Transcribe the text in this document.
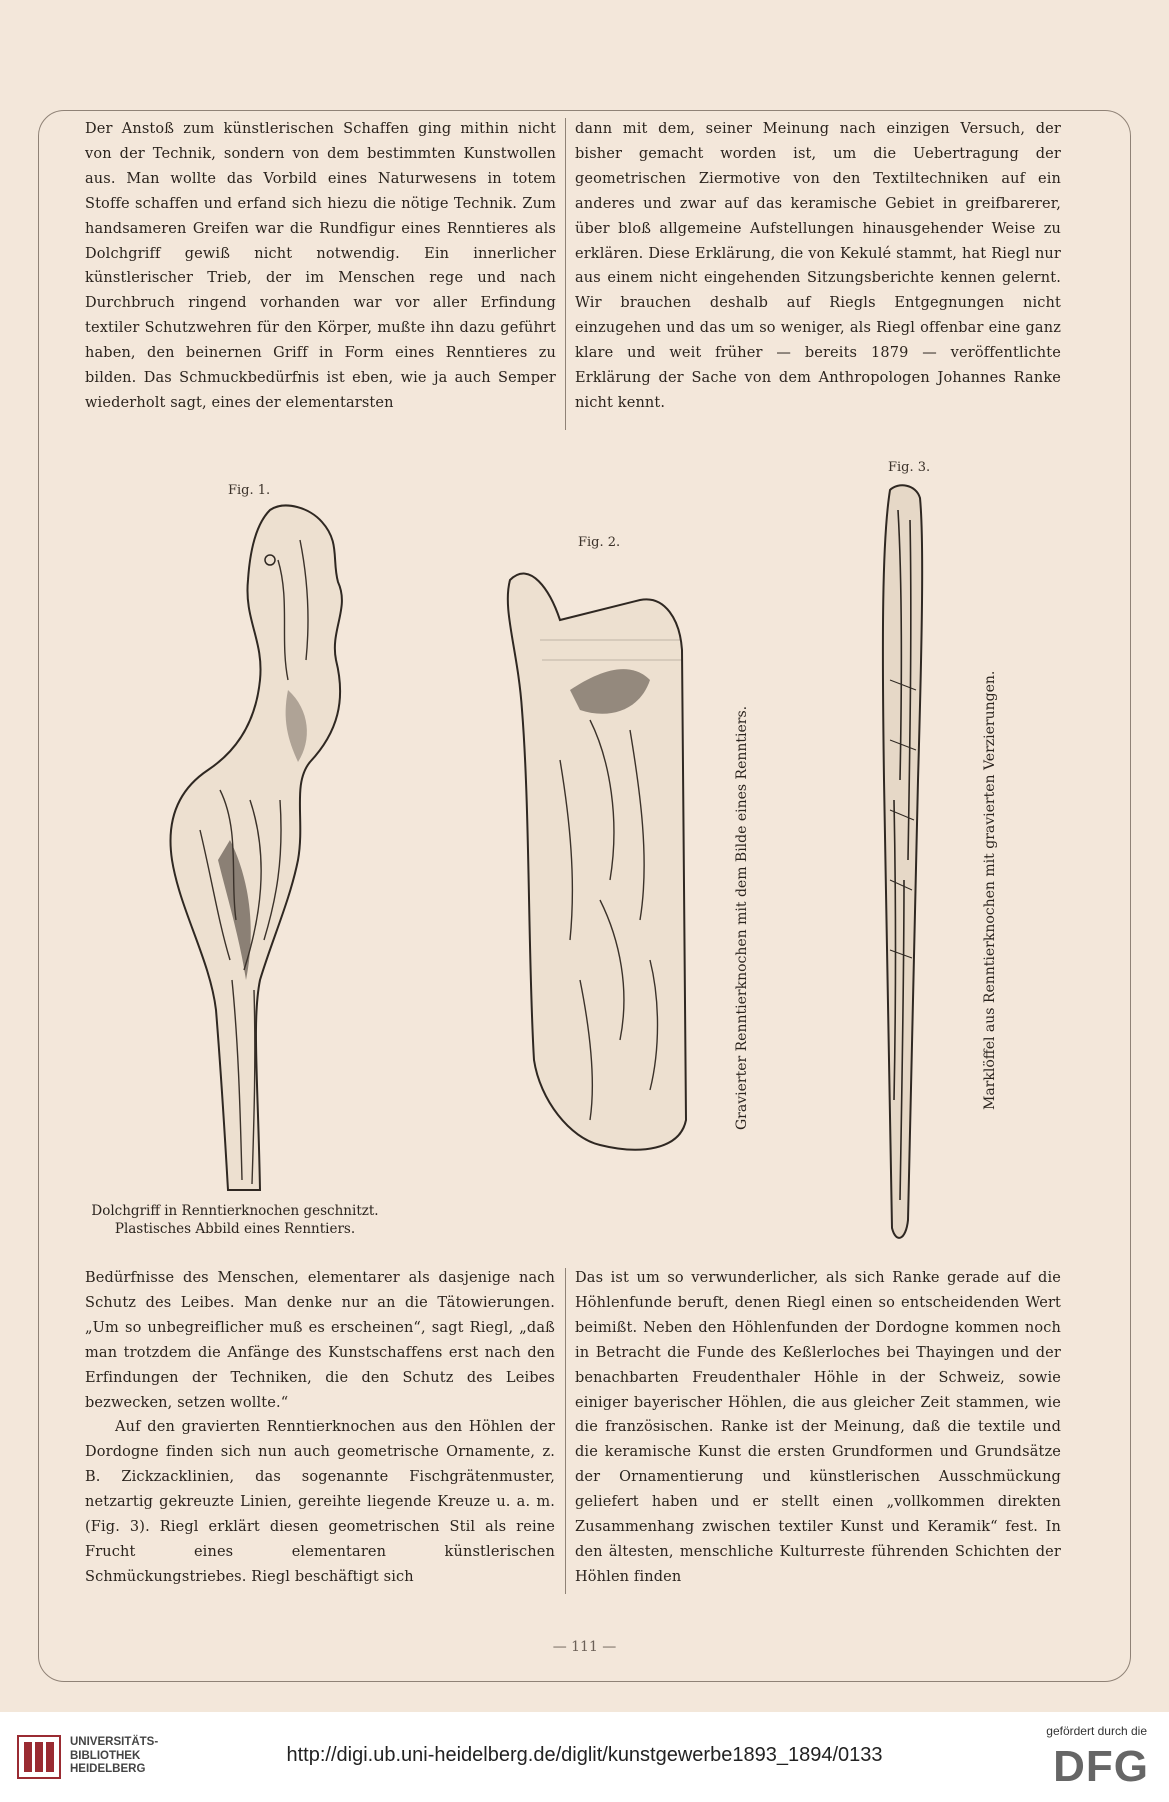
Der Anstoß zum künstlerischen Schaffen ging mithin nicht von der Technik, sondern von dem bestimmten Kunstwollen aus. Man wollte das Vorbild eines Naturwesens in totem Stoffe schaffen und erfand sich hiezu die nötige Technik. Zum handsameren Greifen war die Rundfigur eines Renntieres als Dolchgriff gewiß nicht notwendig. Ein innerlicher künstlerischer Trieb, der im Menschen rege und nach Durchbruch ringend vorhanden war vor aller Erfindung textiler Schutzwehren für den Körper, mußte ihn dazu geführt haben, den beinernen Griff in Form eines Renntieres zu bilden. Das Schmuckbedürfnis ist eben, wie ja auch Semper wiederholt sagt, eines der elementarsten

dann mit dem, seiner Meinung nach einzigen Versuch, der bisher gemacht worden ist, um die Uebertragung der geometrischen Ziermotive von den Textiltechniken auf ein anderes und zwar auf das keramische Gebiet in greifbarerer, über bloß allgemeine Aufstellungen hinausgehender Weise zu erklären. Diese Erklärung, die von Kekulé stammt, hat Riegl nur aus einem nicht eingehenden Sitzungsberichte kennen gelernt. Wir brauchen deshalb auf Riegls Entgegnungen nicht einzugehen und das um so weniger, als Riegl offenbar eine ganz klare und weit früher — bereits 1879 — veröffentlichte Erklärung der Sache von dem Anthropologen Johannes Ranke nicht kennt.

Fig. 1.
Dolchgriff in Renntierknochen geschnitzt.
Plastisches Abbild eines Renntiers.
Fig. 2.
Gravierter Renntierknochen mit dem Bilde eines Renntiers.
Fig. 3.
Marklöffel aus Renntierknochen mit gravierten Verzierungen.

Bedürfnisse des Menschen, elementarer als dasjenige nach Schutz des Leibes. Man denke nur an die Tätowierungen. „Um so unbegreiflicher muß es erscheinen“, sagt Riegl, „daß man trotzdem die Anfänge des Kunstschaffens erst nach den Erfindungen der Techniken, die den Schutz des Leibes bezwecken, setzen wollte.“

Auf den gravierten Renntierknochen aus den Höhlen der Dordogne finden sich nun auch geometrische Ornamente, z. B. Zickzacklinien, das sogenannte Fischgrätenmuster, netzartig gekreuzte Linien, gereihte liegende Kreuze u. a. m. (Fig. 3). Riegl erklärt diesen geometrischen Stil als reine Frucht eines elementaren künstlerischen Schmückungstriebes. Riegl beschäftigt sich

Das ist um so verwunderlicher, als sich Ranke gerade auf die Höhlenfunde beruft, denen Riegl einen so entscheidenden Wert beimißt. Neben den Höhlenfunden der Dordogne kommen noch in Betracht die Funde des Keßlerloches bei Thayingen und der benachbarten Freudenthaler Höhle in der Schweiz, sowie einiger bayerischer Höhlen, die aus gleicher Zeit stammen, wie die französischen. Ranke ist der Meinung, daß die textile und die keramische Kunst die ersten Grundformen und Grundsätze der Ornamentierung und künstlerischen Ausschmückung geliefert haben und er stellt einen „vollkommen direkten Zusammenhang zwischen textiler Kunst und Keramik“ fest. In den ältesten, menschliche Kulturreste führenden Schichten der Höhlen finden

— 111 —
UNIVERSITÄTS-
BIBLIOTHEK
HEIDELBERG
http://digi.ub.uni-heidelberg.de/diglit/kunstgewerbe1893_1894/0133
gefördert durch die
DFG
